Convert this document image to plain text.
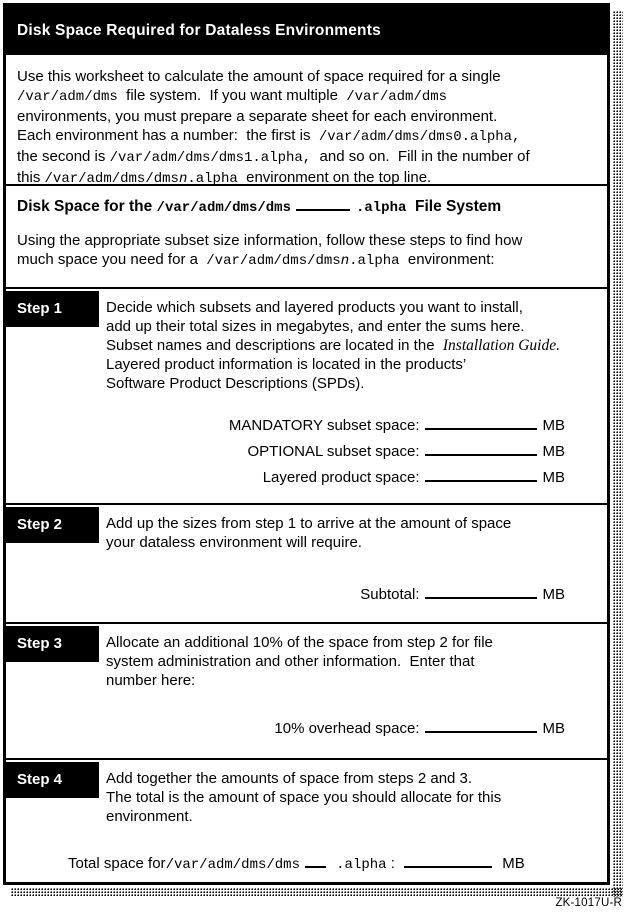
Disk Space Required for Dataless Environments
Use this worksheet to calculate the amount of space required for a single
/var/adm/dms  file system.  If you want multiple  /var/adm/dms
environments, you must prepare a separate sheet for each environment.
Each environment has a number:  the first is  /var/adm/dms/dms0.alpha,
the second is /var/adm/dms/dms1.alpha,  and so on.  Fill in the number of
this /var/adm/dms/dmsn.alpha  environment on the top line.
Disk Space for the /var/adm/dms/dms	.alpha  File System
Using the appropriate subset size information, follow these steps to find how
much space you need for a  /var/adm/dms/dmsn.alpha  environment:
Step 1	Decide which subsets and layered products you want to install,
add up their total sizes in megabytes, and enter the sums here.
Subset names and descriptions are located in the  Installation Guide.
Layered product information is located in the products’
Software Product Descriptions (SPDs).
MANDATORY subset space:	MB
OPTIONAL subset space:	MB
Layered product space:	MB
Step 2	Add up the sizes from step 1 to arrive at the amount of space
your dataless environment will require.
Subtotal:	MB
Step 3	Allocate an additional 10% of the space from step 2 for file
system administration and other information.  Enter that
number here:
10% overhead space:	MB
Step 4	Add together the amounts of space from steps 2 and 3.
The total is the amount of space you should allocate for this
environment.
Total space for/var/adm/dms/dms	.alpha :	MB
ZK-1017U-R
